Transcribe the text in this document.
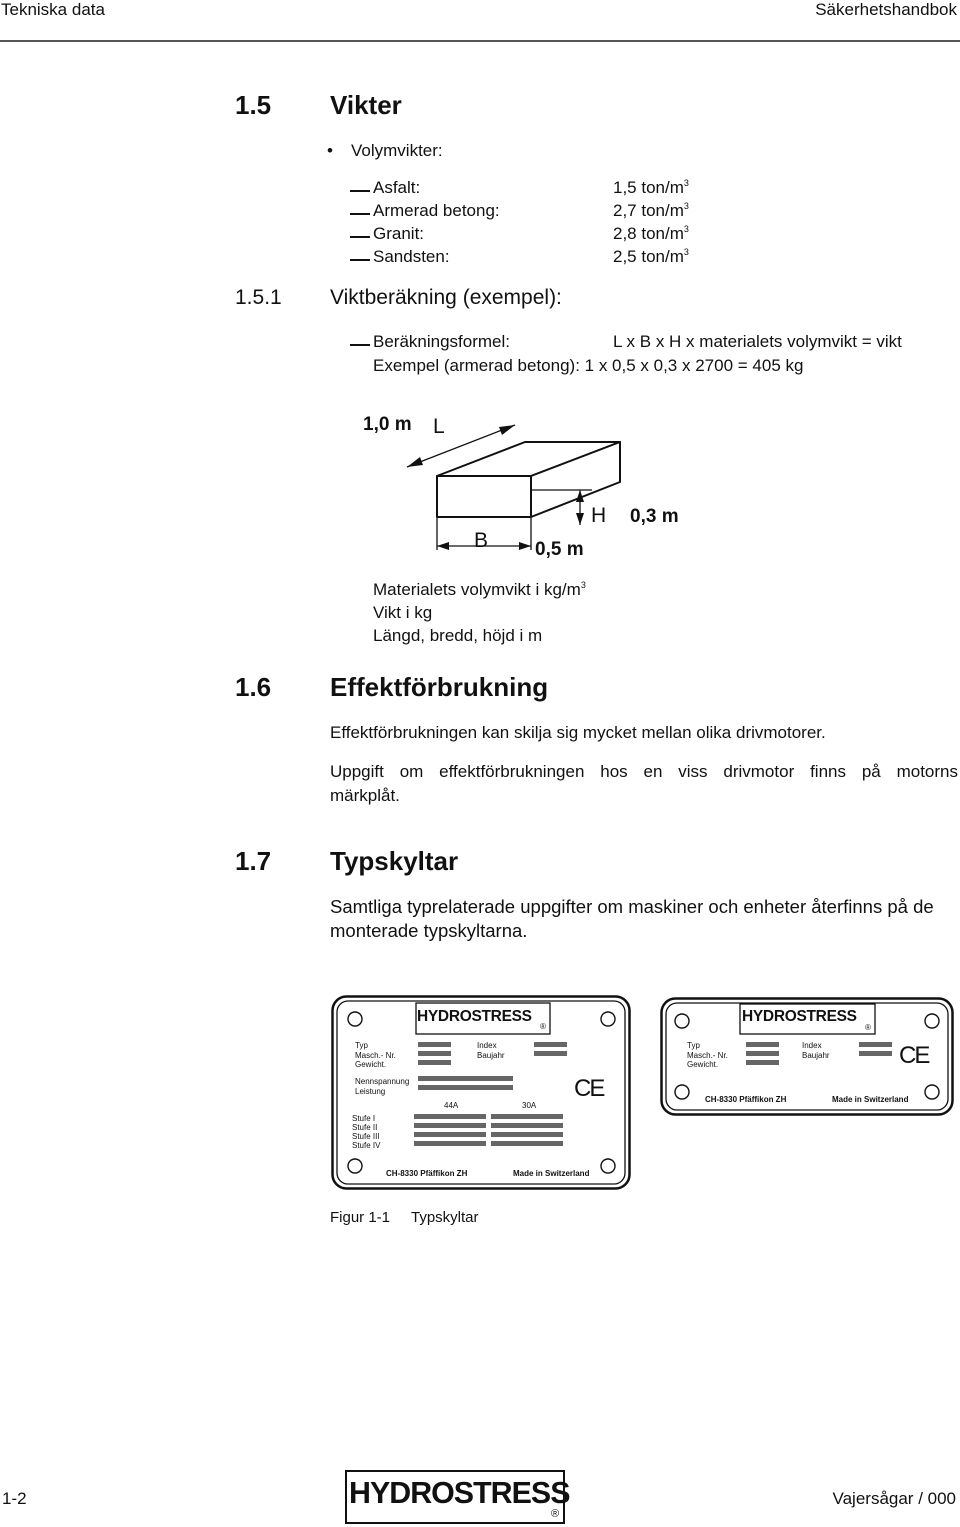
Tekniska data	Säkerhetshandbok
1.5 Vikter
• Volymvikter:
Asfalt:	1,5 ton/$m^3$
Armerad betong:	2,7 ton/$m^3$
Granit:	2,8 ton/$m^3$
Sandsten:	2,5 ton/$m^3$
1.5.1 Viktberäkning (exempel):
Beräkningsformel:	L x B x H x materialets volymvikt = vikt
Exempel (armerad betong): 1 x 0,5 x 0,3 x 2700 = 405 kg
1,0 m L
B 0,5 m
H 0,3 m
Materialets volymvikt i $kg/m^3$
Vikt i kg
Längd, bredd, höjd i m
1.6 Effektförbrukning
Effektförbrukningen kan skilja sig mycket mellan olika drivmotorer.
Uppgift om effektförbrukningen hos en viss drivmotor finns på motorns
märkplåt.
1.7 Typskyltar
Samtliga typrelaterade uppgifter om maskiner och enheter återfinns på de
monterade typskyltarna.
HYDROSTRESS
®
Typ
Masch.- Nr.
Gewicht.
Index
Baujahr
Nennspannung
Leistung
44A	30A
Stufe I
Stufe II
Stufe III
Stufe IV
CE
CH-8330 Pfäffikon ZH	Made in Switzerland
HYDROSTRESS
®
Typ
Masch.- Nr.
Gewicht.
Index
Baujahr	CE
CH-8330 Pfäffikon ZH	Made in Switzerland
Figur 1-1 Typskyltar
1-2	HYDROSTRESS
®
Vajersågar / 000
